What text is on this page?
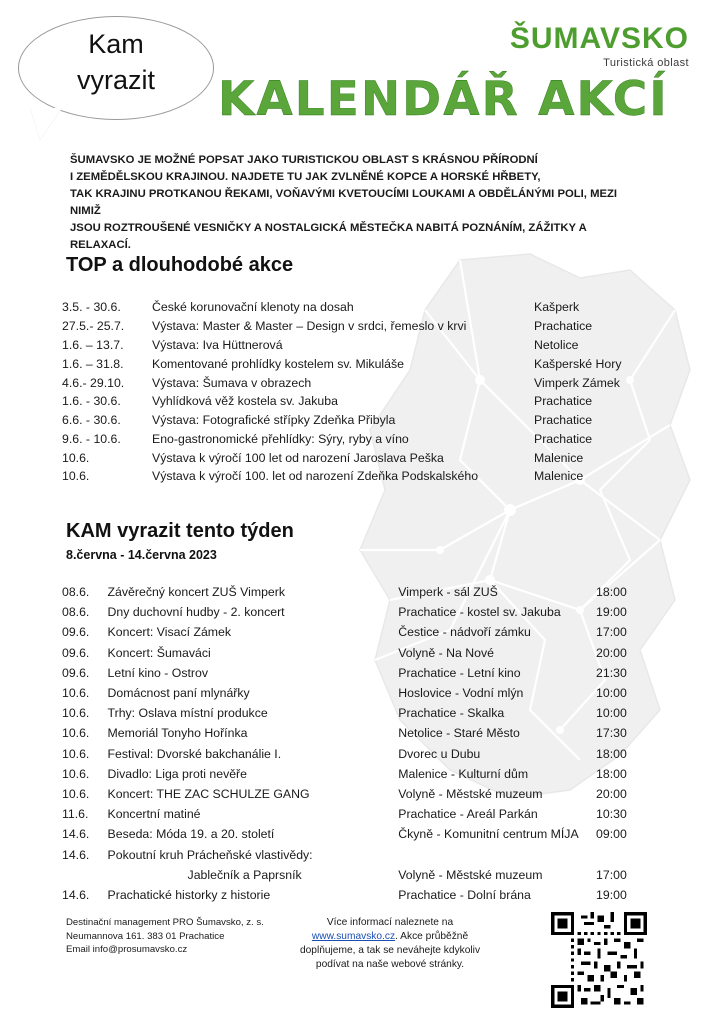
Kam
vyrazit
ŠUMAVSKO
Turistická oblast
KALENDÁŘ AKCÍ
ŠUMAVSKO JE MOŽNÉ POPSAT JAKO TURISTICKOU OBLAST S KRÁSNOU PŘÍRODNÍ
I ZEMĚDĚLSKOU KRAJINOU. NAJDETE TU JAK ZVLNĚNÉ KOPCE A HORSKÉ HŘBETY,
TAK KRAJINU PROTKANOU ŘEKAMI, VOŇAVÝMI KVETOUCÍMI LOUKAMI A OBDĚLÁNÝMI POLI, MEZI NIMIŽ
JSOU ROZTROUŠENÉ VESNIČKY A NOSTALGICKÁ MĚSTEČKA NABITÁ POZNÁNÍM, ZÁŽITKY A RELAXACÍ.
TOP a dlouhodobé akce
3.5. - 30.6.	České korunovační klenoty na dosah	Kašperk
27.5.- 25.7.	Výstava: Master & Master – Design v srdci, řemeslo v krvi	Prachatice
1.6. – 13.7.	Výstava: Iva Hüttnerová	Netolice
1.6. – 31.8.	Komentované prohlídky kostelem sv. Mikuláše	Kašperské Hory
4.6.- 29.10.	Výstava: Šumava v obrazech	Vimperk Zámek
1.6. - 30.6.	Vyhlídková věž kostela sv. Jakuba	Prachatice
6.6. - 30.6.	Výstava: Fotografické střípky Zdeňka Přibyla	Prachatice
9.6. - 10.6.	Eno-gastronomické přehlídky: Sýry, ryby a víno	Prachatice
10.6.	Výstava k výročí 100 let od narození Jaroslava Peška	Malenice
10.6.	Výstava k výročí 100. let od narození Zdeňka Podskalského	Malenice
KAM vyrazit tento týden
8.června - 14.června 2023
08.6.	Závěrečný koncert ZUŠ Vimperk	Vimperk - sál ZUŠ	18:00
08.6.	Dny duchovní hudby - 2. koncert	Prachatice - kostel sv. Jakuba	19:00
09.6.	Koncert: Visací Zámek	Čestice - nádvoří zámku	17:00
09.6.	Koncert: Šumaváci	Volyně - Na Nové	20:00
09.6.	Letní kino - Ostrov	Prachatice - Letní kino	21:30
10.6.	Domácnost paní mlynářky	Hoslovice - Vodní mlýn	10:00
10.6.	Trhy: Oslava místní produkce	Prachatice - Skalka	10:00
10.6.	Memoriál Tonyho Hořínka	Netolice - Staré Město	17:30
10.6.	Festival: Dvorské bakchanálie I.	Dvorec u Dubu	18:00
10.6.	Divadlo: Liga proti nevěře	Malenice - Kulturní dům	18:00
10.6.	Koncert: THE ZAC SCHULZE GANG	Volyně - Městské muzeum	20:00
11.6.	Koncertní matiné	Prachatice - Areál Parkán	10:30
14.6.	Beseda: Móda 19. a 20. století	Čkyně - Komunitní centrum MÍJA	09:00
14.6.	Pokoutní kruh Prácheňské vlastivědy:		
	Jablečník a Paprsník	Volyně - Městské muzeum	17:00
14.6.	Prachatické historky z historie	Prachatice - Dolní brána	19:00
Destinační management PRO Šumavsko, z. s.
Neumannova 161. 383 01 Prachatice
Email info@prosumavsko.cz
Více informací naleznete na
www.sumavsko.cz. Akce průběžně
doplňujeme, a tak se neváhejte kdykoliv
podívat na naše webové stránky.
